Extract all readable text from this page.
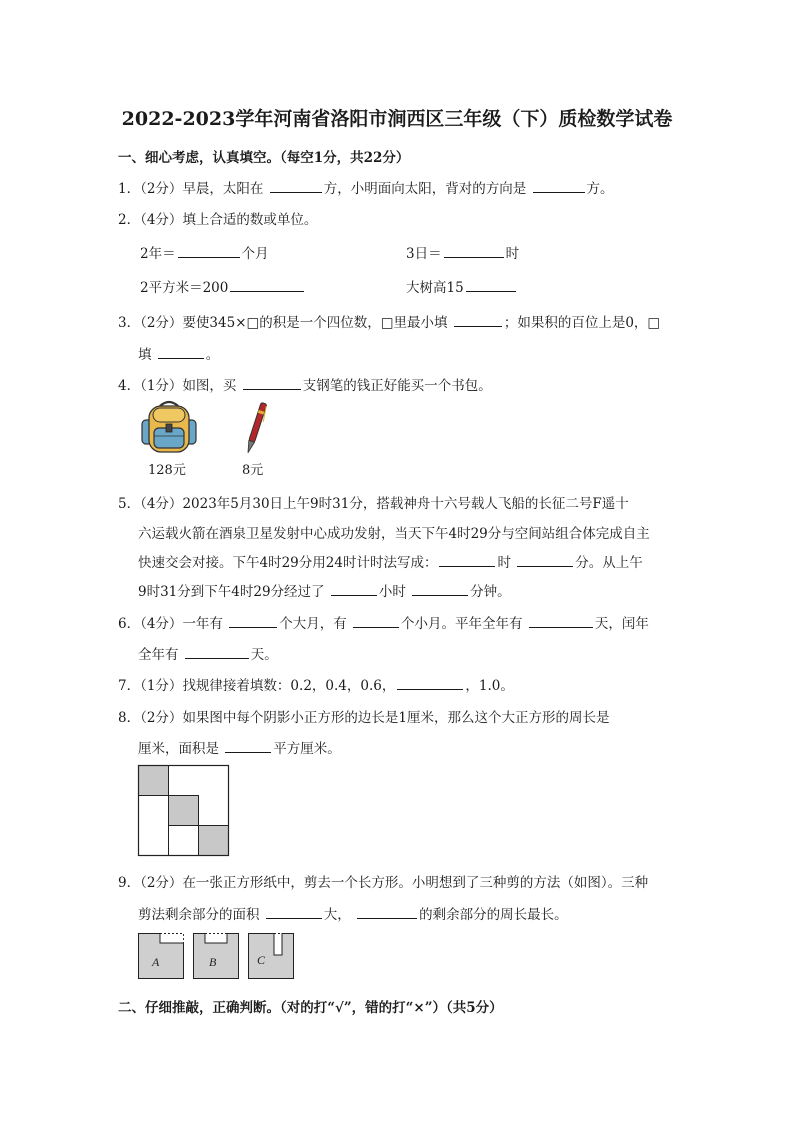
2022-2023学年河南省洛阳市涧西区三年级（下）质检数学试卷
一、细心考虑，认真填空。（每空1分，共22分）
1．（2分）早晨，太阳在	方，小明面向太阳，背对的方向是	方。
2．（4分）填上合适的数或单位。
2年＝	个月	3日＝	时
2平方米＝200	大树高15
3．（2分）要使345×□的积是一个四位数，□里最小填	；如果积的百位上是0，□
填	。
4．（1分）如图，买	支钢笔的钱正好能买一个书包。
128元	8元
5．（4分）2023年5月30日上午9时31分，搭载神舟十六号载人飞船的长征二号F遥十
六运载火箭在酒泉卫星发射中心成功发射，当天下午4时29分与空间站组合体完成自主
快速交会对接。下午4时29分用24时计时法写成：	时	分。从上午
9时31分到下午4时29分经过了	小时	分钟。
6．（4分）一年有	个大月，有	个小月。平年全年有	天，闰年
全年有	天。
7．（1分）找规律接着填数：0.2，0.4，0.6，	，1.0。
8．（2分）如果图中每个阴影小正方形的边长是1厘米，那么这个大正方形的周长是
厘米，面积是	平方厘米。
9．（2分）在一张正方形纸中，剪去一个长方形。小明想到了三种剪的方法（如图）。三种
剪法剩余部分的面积	大，	的剩余部分的周长最长。
A	B	C
二、仔细推敲，正确判断。（对的打“√”，错的打“×”）（共5分）
